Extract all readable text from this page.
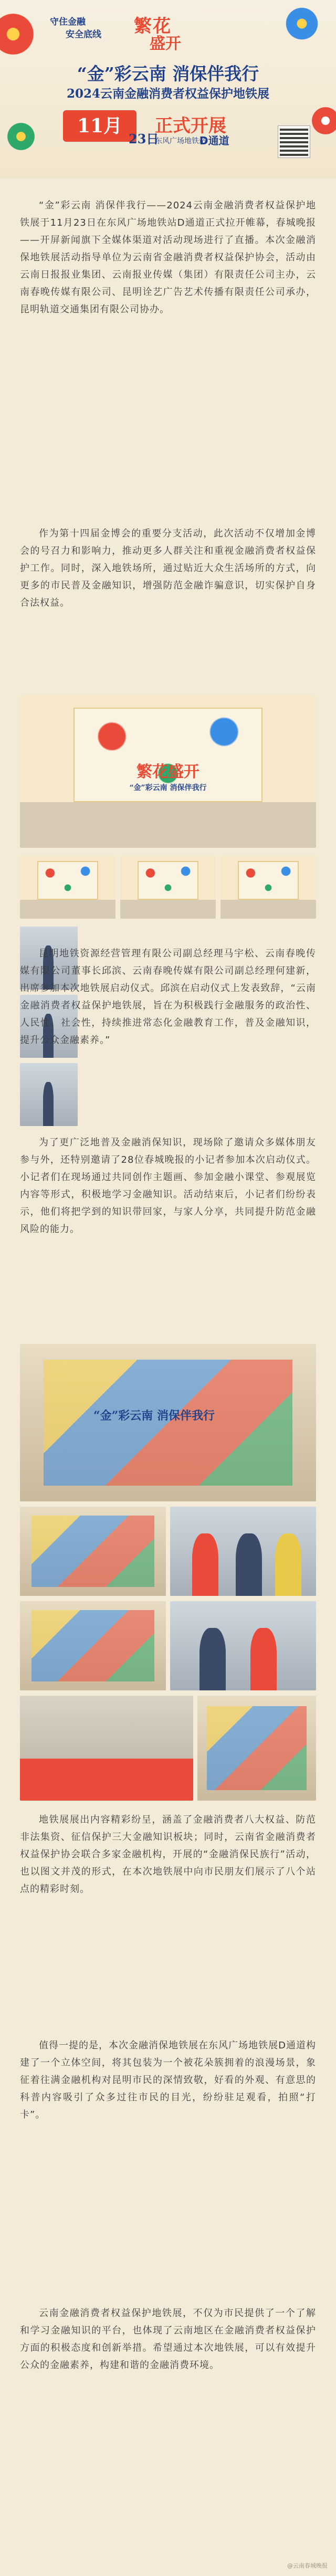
守住金融
安全底线	繁花
盛开
“金”彩云南 消保伴我行
2024云南金融消费者权益保护地铁展
11月
23日
正式开展
东风广场地铁站
D通道

“金”彩云南 消保伴我行——2024云南金融消费者权益保护地铁展于11月23日在东风广场地铁站D通道正式拉开帷幕，春城晚报——开屏新闻旗下全媒体渠道对活动现场进行了直播。本次金融消保地铁展活动指导单位为云南省金融消费者权益保护协会，活动由云南日报报业集团、云南报业传媒（集团）有限责任公司主办，云南春晚传媒有限公司、昆明诠艺广告艺术传播有限责任公司承办，昆明轨道交通集团有限公司协办。

作为第十四届金博会的重要分支活动，此次活动不仅增加金博会的号召力和影响力，推动更多人群关注和重视金融消费者权益保护工作。同时，深入地铁场所，通过贴近大众生活场所的方式，向更多的市民普及金融知识，增强防范金融诈骗意识，切实保护自身合法权益。

繁花盛开
“金”彩云南 消保伴我行

昆明地铁资源经营管理有限公司副总经理马宇松、云南春晚传媒有限公司董事长邱滨、云南春晚传媒有限公司副总经理何建新，出席参加本次地铁展启动仪式。邱滨在启动仪式上发表致辞，“云南金融消费者权益保护地铁展，旨在为积极践行金融服务的政治性、人民性、社会性，持续推进常态化金融教育工作，普及金融知识，提升公众金融素养。”

为了更广泛地普及金融消保知识，现场除了邀请众多媒体朋友参与外，还特别邀请了28位春城晚报的小记者参加本次启动仪式。小记者们在现场通过共同创作主题画、参加金融小课堂、参观展览内容等形式，积极地学习金融知识。活动结束后，小记者们纷纷表示，他们将把学到的知识带回家，与家人分享，共同提升防范金融风险的能力。

“金”彩云南 消保伴我行

地铁展展出内容精彩纷呈，涵盖了金融消费者八大权益、防范非法集资、征信保护三大金融知识板块；同时，云南省金融消费者权益保护协会联合多家金融机构，开展的“金融消保民族行”活动，也以图文并茂的形式，在本次地铁展中向市民朋友们展示了八个站点的精彩时刻。

值得一提的是，本次金融消保地铁展在东风广场地铁展D通道构建了一个立体空间，将其包装为一个被花朵簇拥着的浪漫场景，象征着往满金融机构对昆明市民的深情致敬，好看的外观、有意思的科普内容吸引了众多过往市民的目光，纷纷驻足观看，拍照“打卡”。

云南金融消费者权益保护地铁展，不仅为市民提供了一个了解和学习金融知识的平台，也体现了云南地区在金融消费者权益保护方面的积极态度和创新举措。希望通过本次地铁展，可以有效提升公众的金融素养，构建和谐的金融消费环境。

@云南春城晚报
